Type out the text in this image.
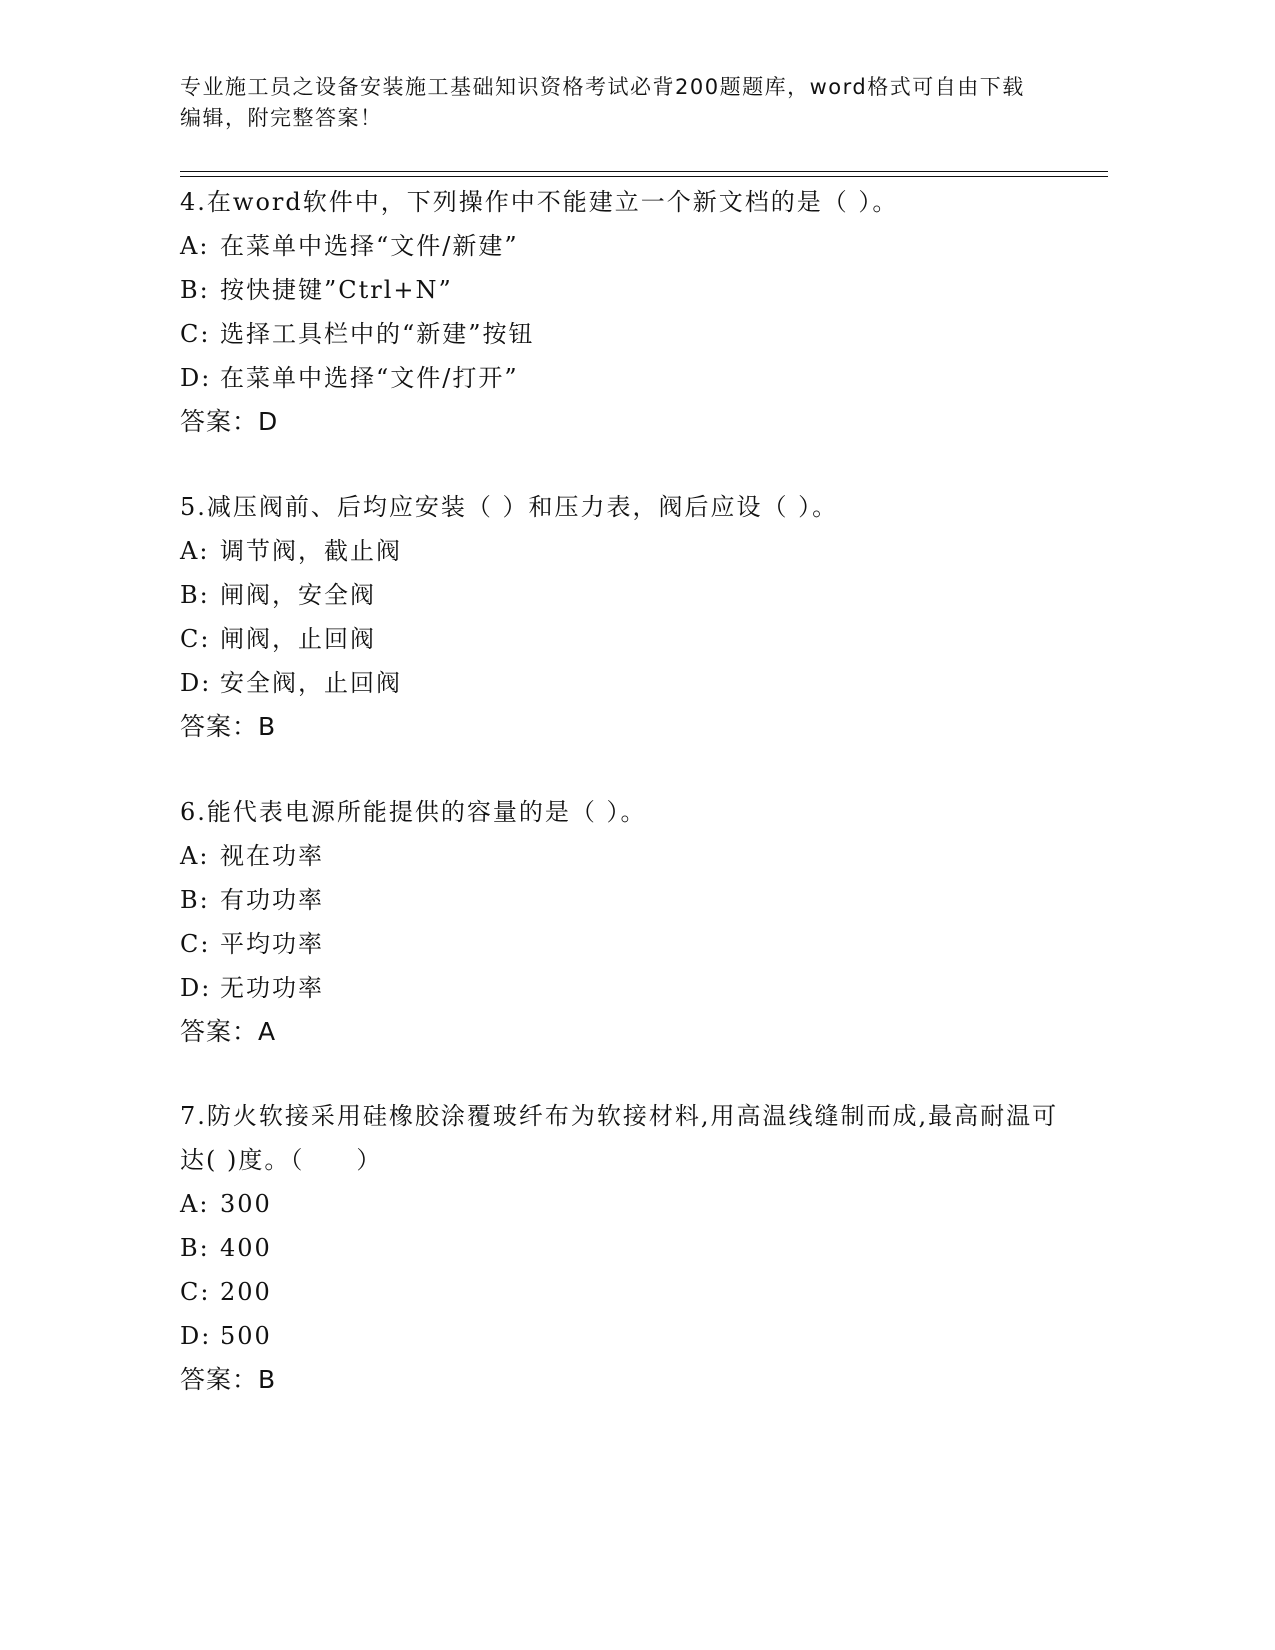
专业施工员之设备安装施工基础知识资格考试必背200题题库，word格式可自由下载编辑，附完整答案！

4.在word软件中，下列操作中不能建立一个新文档的是（ ）。

A: 在菜单中选择“文件/新建”
B: 按快捷键”Ctrl+N”
C: 选择工具栏中的“新建”按钮
D: 在菜单中选择“文件/打开”
答案：D

5.减压阀前、后均应安装（ ）和压力表，阀后应设（ ）。

A: 调节阀，截止阀
B: 闸阀，安全阀
C: 闸阀，止回阀
D: 安全阀，止回阀
答案：B

6.能代表电源所能提供的容量的是（ ）。

A: 视在功率
B: 有功功率
C: 平均功率
D: 无功功率
答案：A

7.防火软接采用硅橡胶涂覆玻纤布为软接材料,用高温线缝制而成,最高耐温可达( )度。（　　）

A: 300
B: 400
C: 200
D: 500
答案：B
